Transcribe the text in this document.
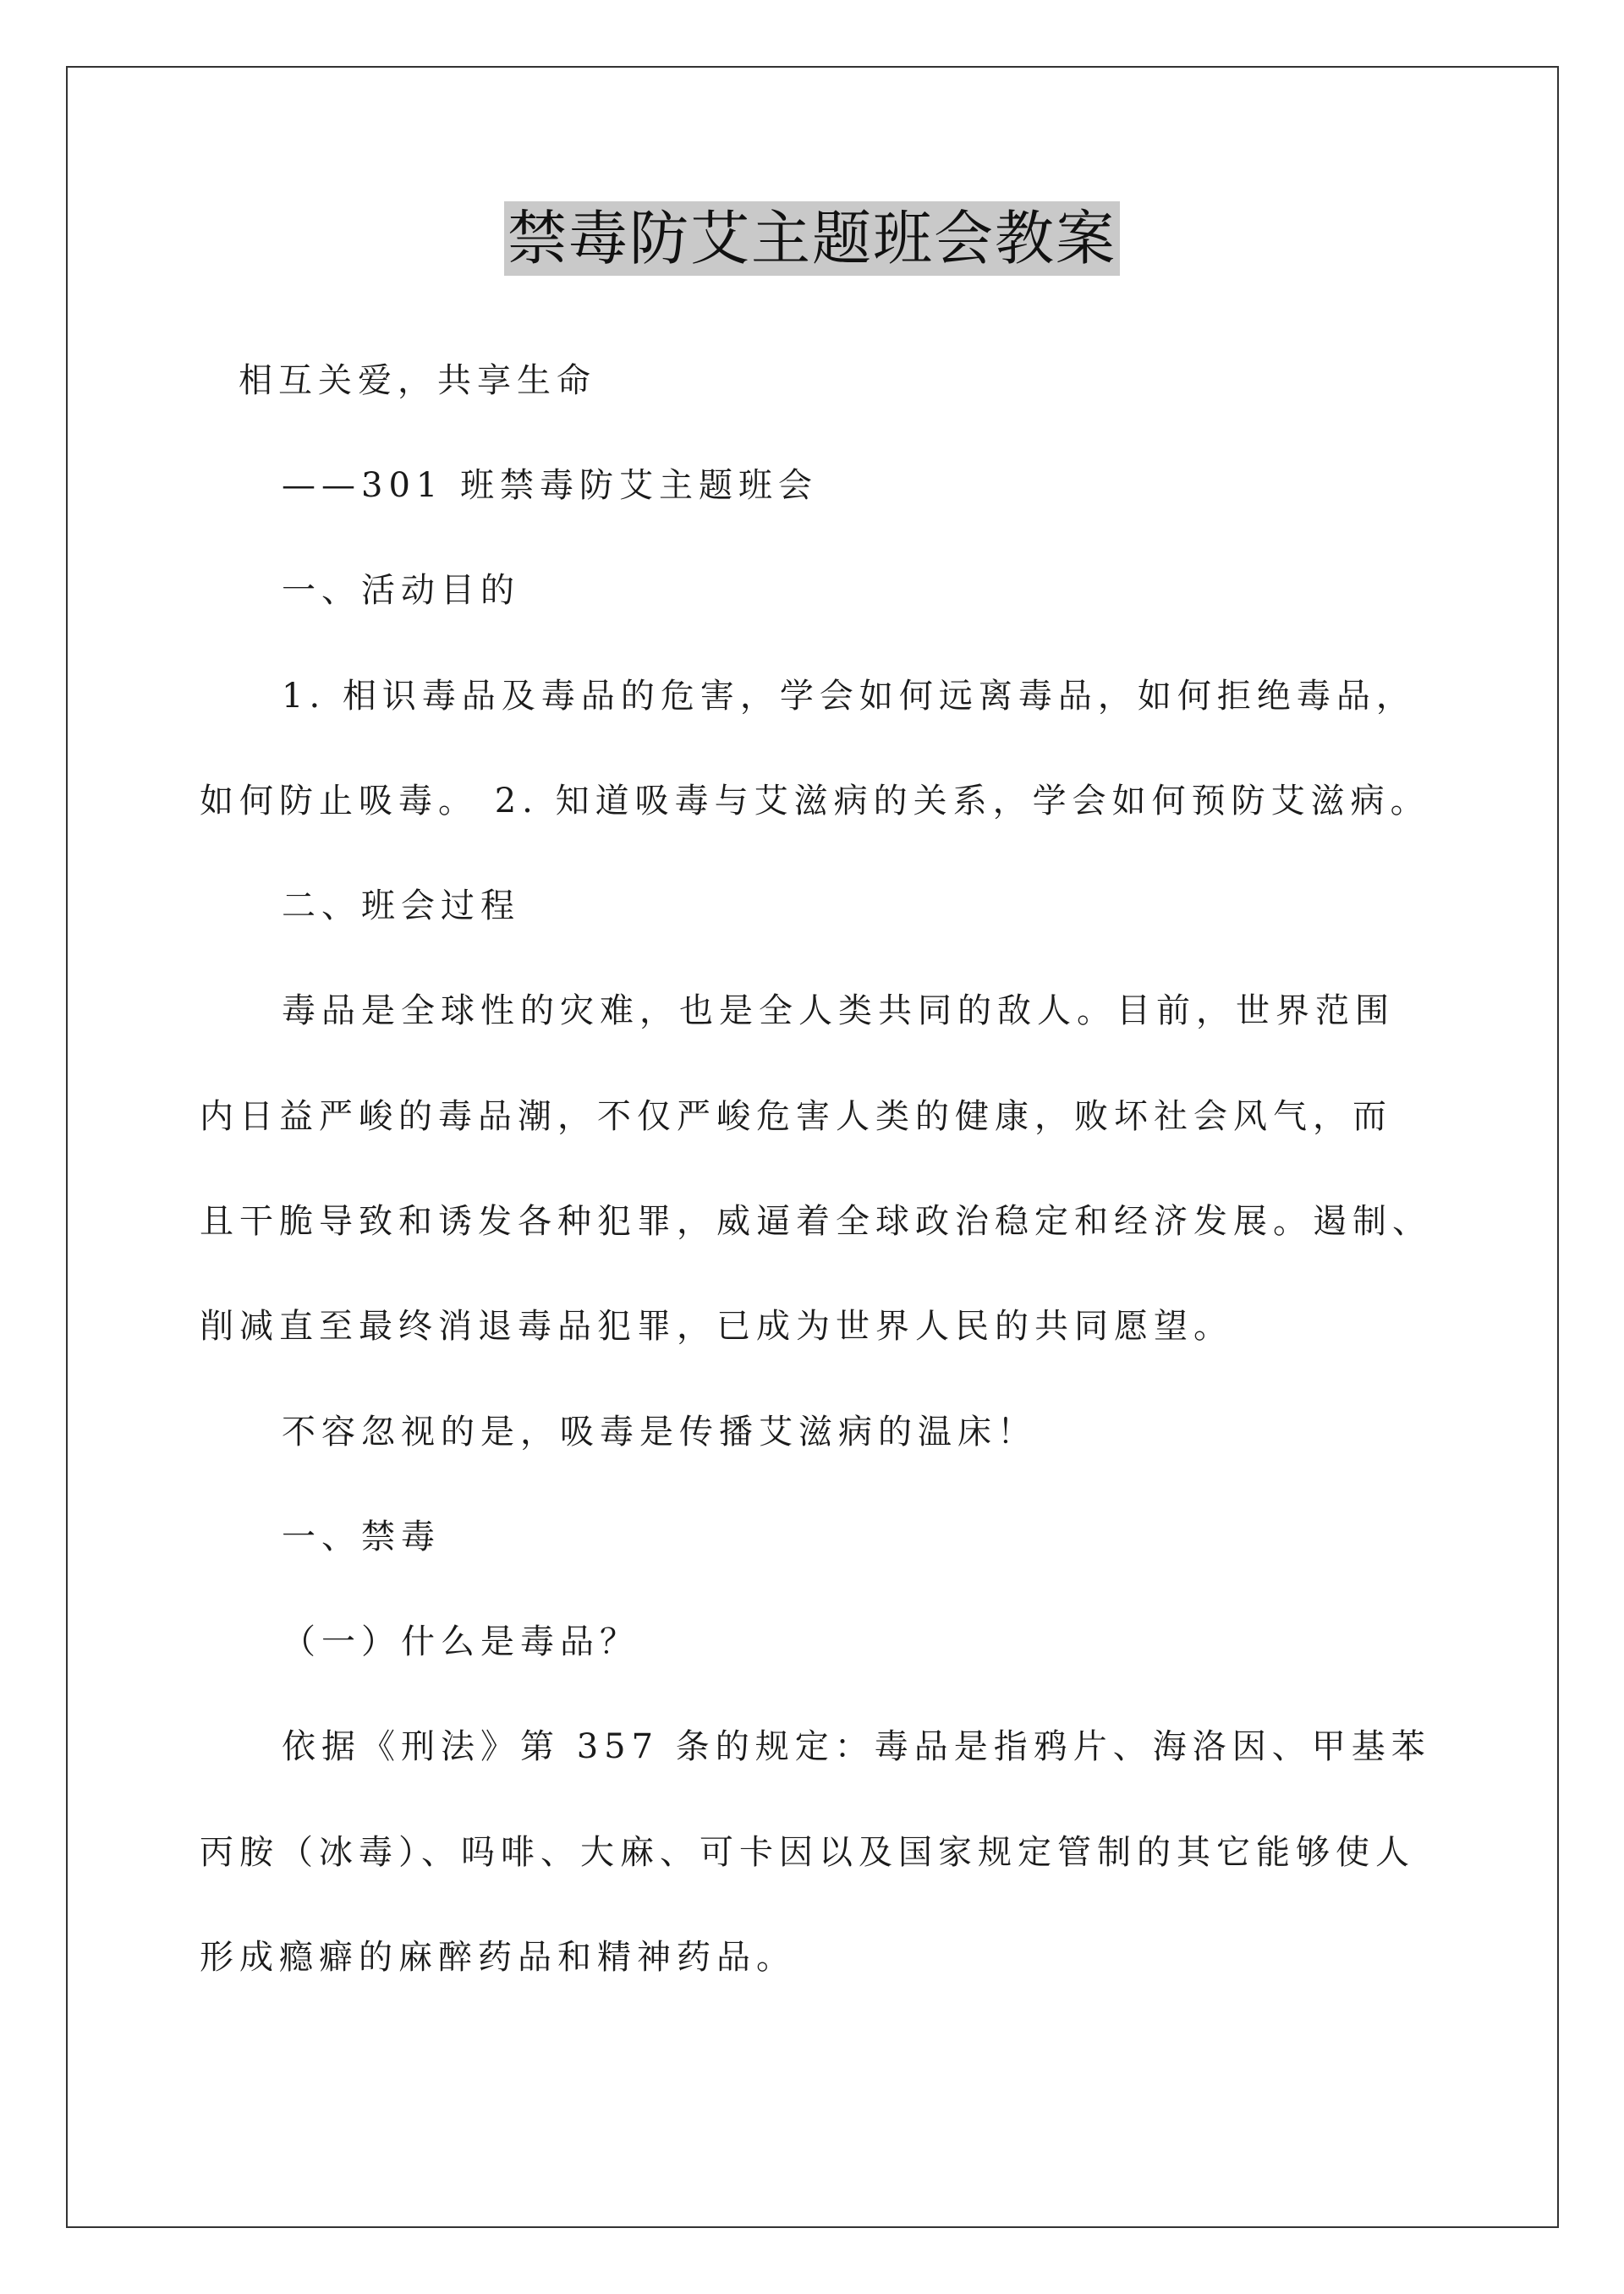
禁毒防艾主题班会教案
相互关爱，共享生命
——301 班禁毒防艾主题班会
一、活动目的
1. 相识毒品及毒品的危害，学会如何远离毒品，如何拒绝毒品，
如何防止吸毒。 2. 知道吸毒与艾滋病的关系，学会如何预防艾滋病。
二、班会过程
毒品是全球性的灾难，也是全人类共同的敌人。目前，世界范围
内日益严峻的毒品潮，不仅严峻危害人类的健康，败坏社会风气，而
且干脆导致和诱发各种犯罪，威逼着全球政治稳定和经济发展。遏制、
削减直至最终消退毒品犯罪，已成为世界人民的共同愿望。
不容忽视的是，吸毒是传播艾滋病的温床！
一、禁毒
（一）什么是毒品？
依据《刑法》第 357 条的规定：毒品是指鸦片、海洛因、甲基苯
丙胺（冰毒）、吗啡、大麻、可卡因以及国家规定管制的其它能够使人
形成瘾癖的麻醉药品和精神药品。
